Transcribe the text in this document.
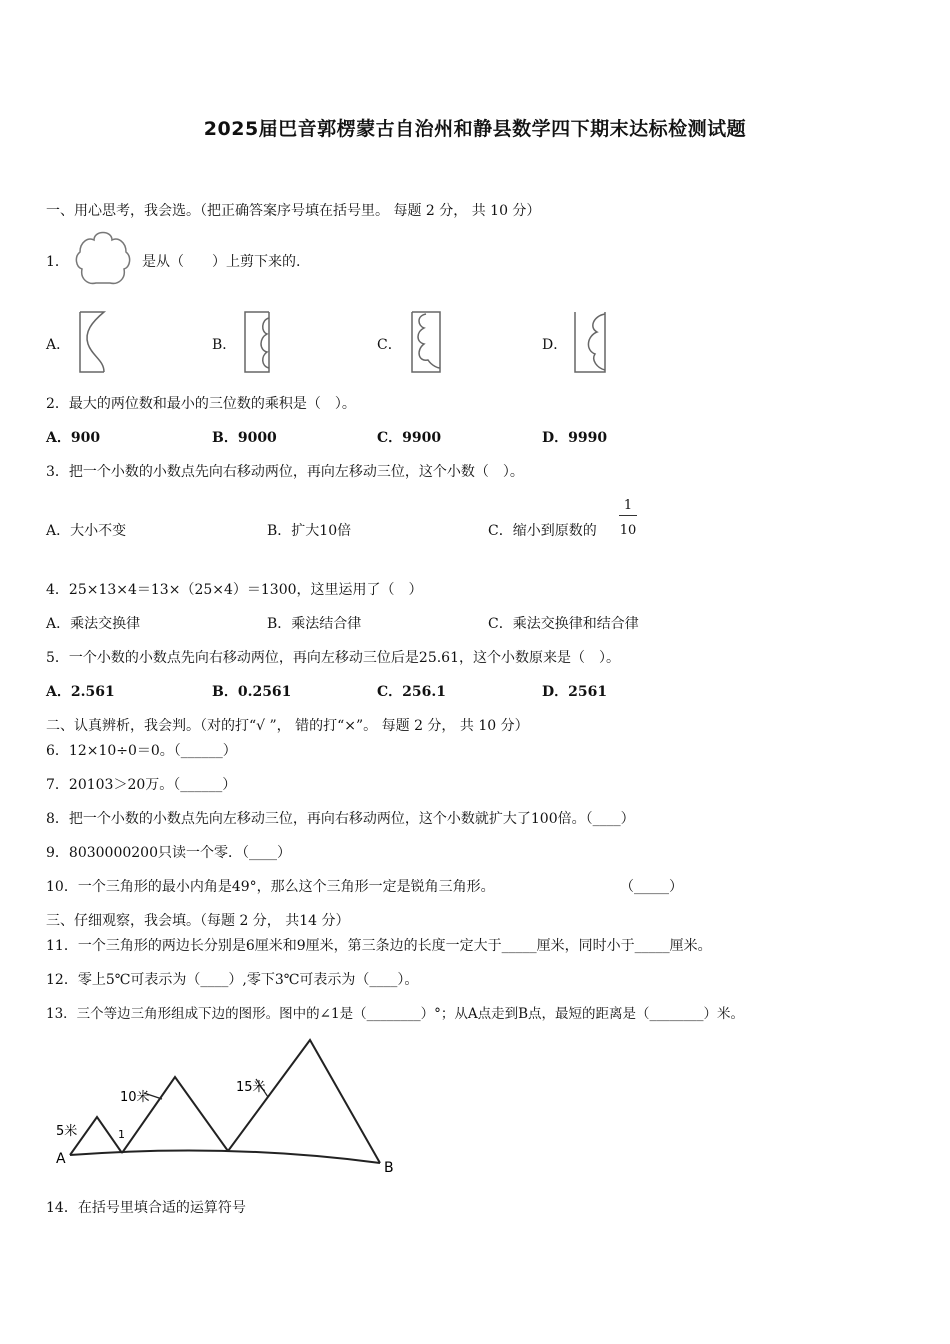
2025届巴音郭楞蒙古自治州和静县数学四下期末达标检测试题
一、用心思考，我会选。（把正确答案序号填在括号里。 每题 2 分， 共 10 分）
1．	是从（　　）上剪下来的.
A．	B．	C．	D．
2．最大的两位数和最小的三位数的乘积是（　）。
A．900	B．9000	C．9900	D．9990
3．把一个小数的小数点先向右移动两位，再向左移动三位，这个小数（　）。
A．大小不变	B．扩大10倍	C．缩小到原数的
1
10
4．25×13×4＝13×（25×4）＝1300，这里运用了（　）
A．乘法交换律	B．乘法结合律	C．乘法交换律和结合律
5．一个小数的小数点先向右移动两位，再向左移动三位后是25.61，这个小数原来是（　）。
A．2.561	B．0.2561	C．256.1	D．2561
二、认真辨析，我会判。（对的打“√ ”， 错的打“×”。 每题 2 分， 共 10 分）
6．12×10÷0＝0。（______）
7．20103＞20万。（______）
8．把一个小数的小数点先向左移动三位，再向右移动两位，这个小数就扩大了100倍。（____）
9．8030000200只读一个零．（____）
10．一个三角形的最小内角是49°，那么这个三角形一定是锐角三角形。	（_____）
三、仔细观察，我会填。（每题 2 分， 共14 分）
11．一个三角形的两边长分别是6厘米和9厘米，第三条边的长度一定大于_____厘米，同时小于_____厘米。
12．零上5℃可表示为（____）,零下3℃可表示为（____）。
13．三个等边三角形组成下边的图形。图中的∠1是（________）°；从A点走到B点，最短的距离是（________）米。
5米
10米
15米
1
A
B
14．在括号里填合适的运算符号
